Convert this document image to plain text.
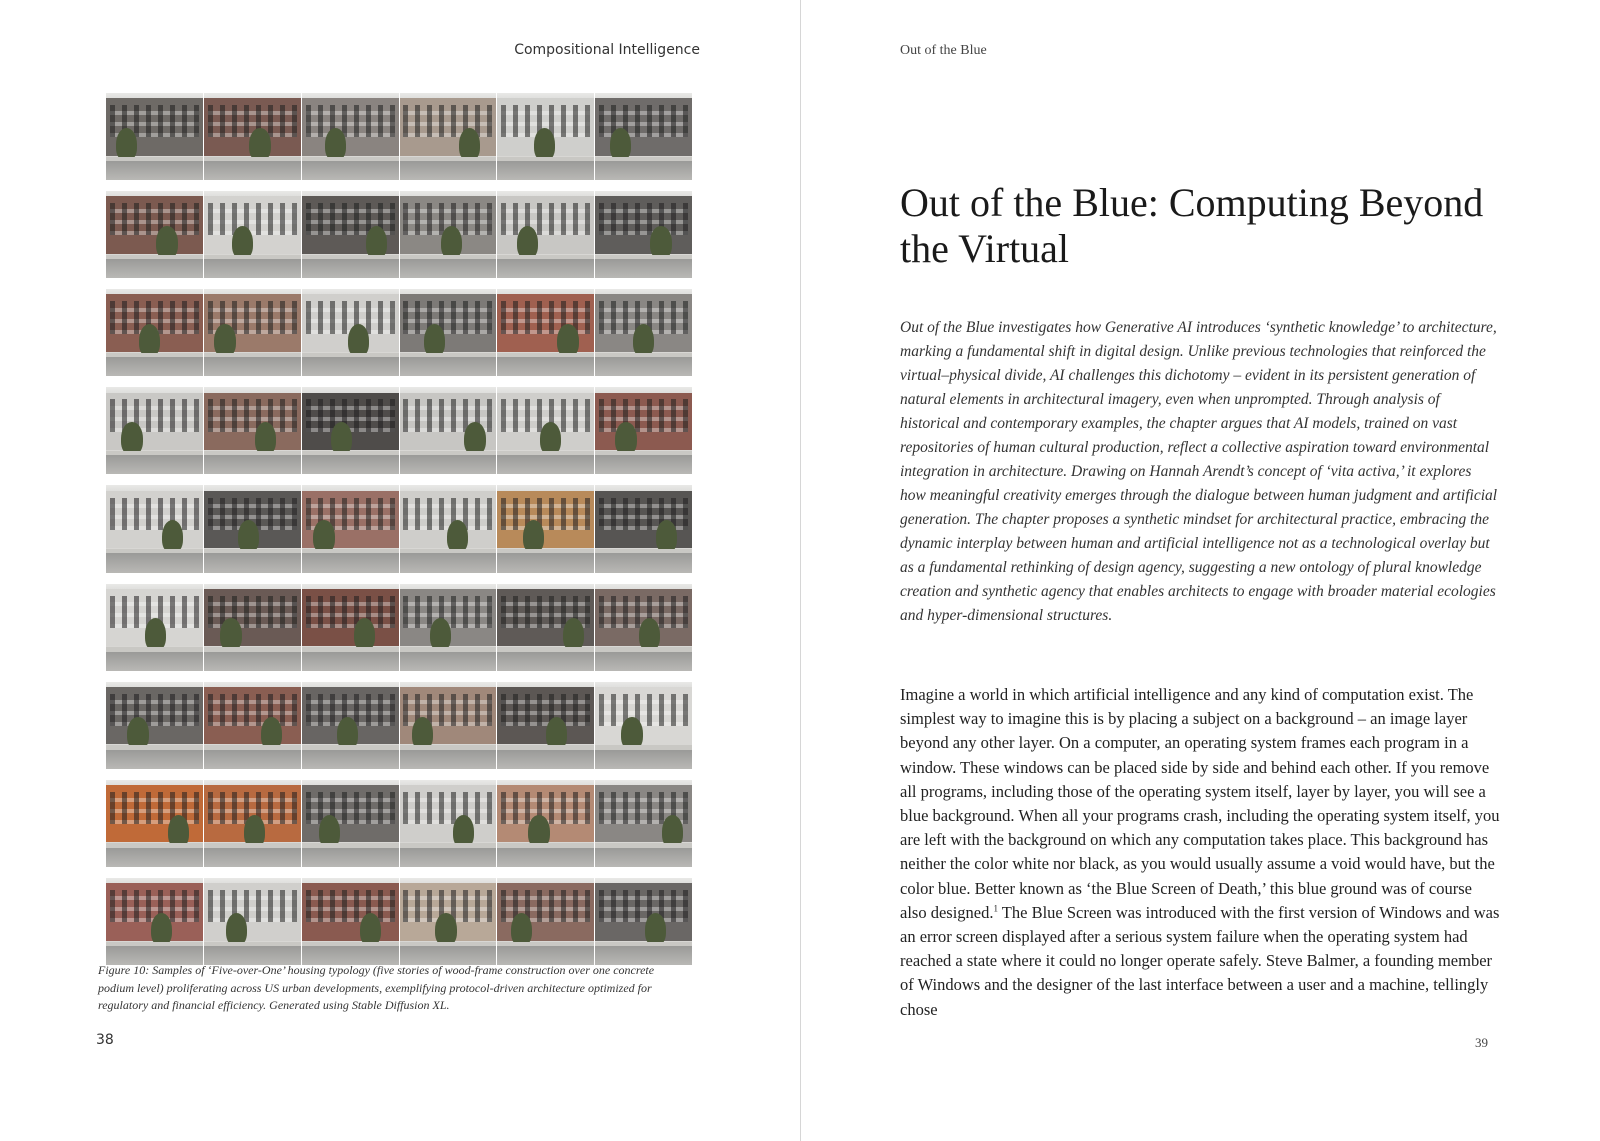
Compositional Intelligence
Figure 10: Samples of ‘Five-over-One’ housing typology (five stories of wood-frame construction over one concrete podium level) proliferating across US urban developments, exemplifying protocol-driven architecture optimized for regulatory and financial efficiency. Generated using Stable Diffusion XL.
38
Out of the Blue
Out of the Blue: Computing Beyond the Virtual

Out of the Blue investigates how Generative AI introduces ‘synthetic knowledge’ to architecture, marking a fundamental shift in digital design. Unlike previous technologies that reinforced the virtual–physical divide, AI challenges this dichotomy – evident in its persistent generation of natural elements in architectural imagery, even when unprompted. Through analysis of historical and contemporary examples, the chapter argues that AI models, trained on vast repositories of human cultural production, reflect a collective aspiration toward environmental integration in architecture. Drawing on Hannah Arendt’s concept of ‘vita activa,’ it explores how meaningful creativity emerges through the dialogue between human judgment and artificial generation. The chapter proposes a synthetic mindset for architectural practice, embracing the dynamic interplay between human and artificial intelligence not as a technological overlay but as a fundamental rethinking of design agency, suggesting a new ontology of plural knowledge creation and synthetic agency that enables architects to engage with broader material ecologies and hyper-dimensional structures.

Imagine a world in which artificial intelligence and any kind of computation exist. The simplest way to imagine this is by placing a subject on a background – an image layer beyond any other layer. On a computer, an operating system frames each program in a window. These windows can be placed side by side and behind each other. If you remove all programs, including those of the operating system itself, layer by layer, you will see a blue background. When all your programs crash, including the operating system itself, you are left with the background on which any computation takes place. This background has neither the color white nor black, as you would usually assume a void would have, but the color blue. Better known as ‘the Blue Screen of Death,’ this blue ground was of course also designed.$^1$ The Blue Screen was introduced with the first version of Windows and was an error screen displayed after a serious system failure when the operating system had reached a state where it could no longer operate safely. Steve Balmer, a founding member of Windows and the designer of the last interface between a user and a machine, tellingly chose

39
